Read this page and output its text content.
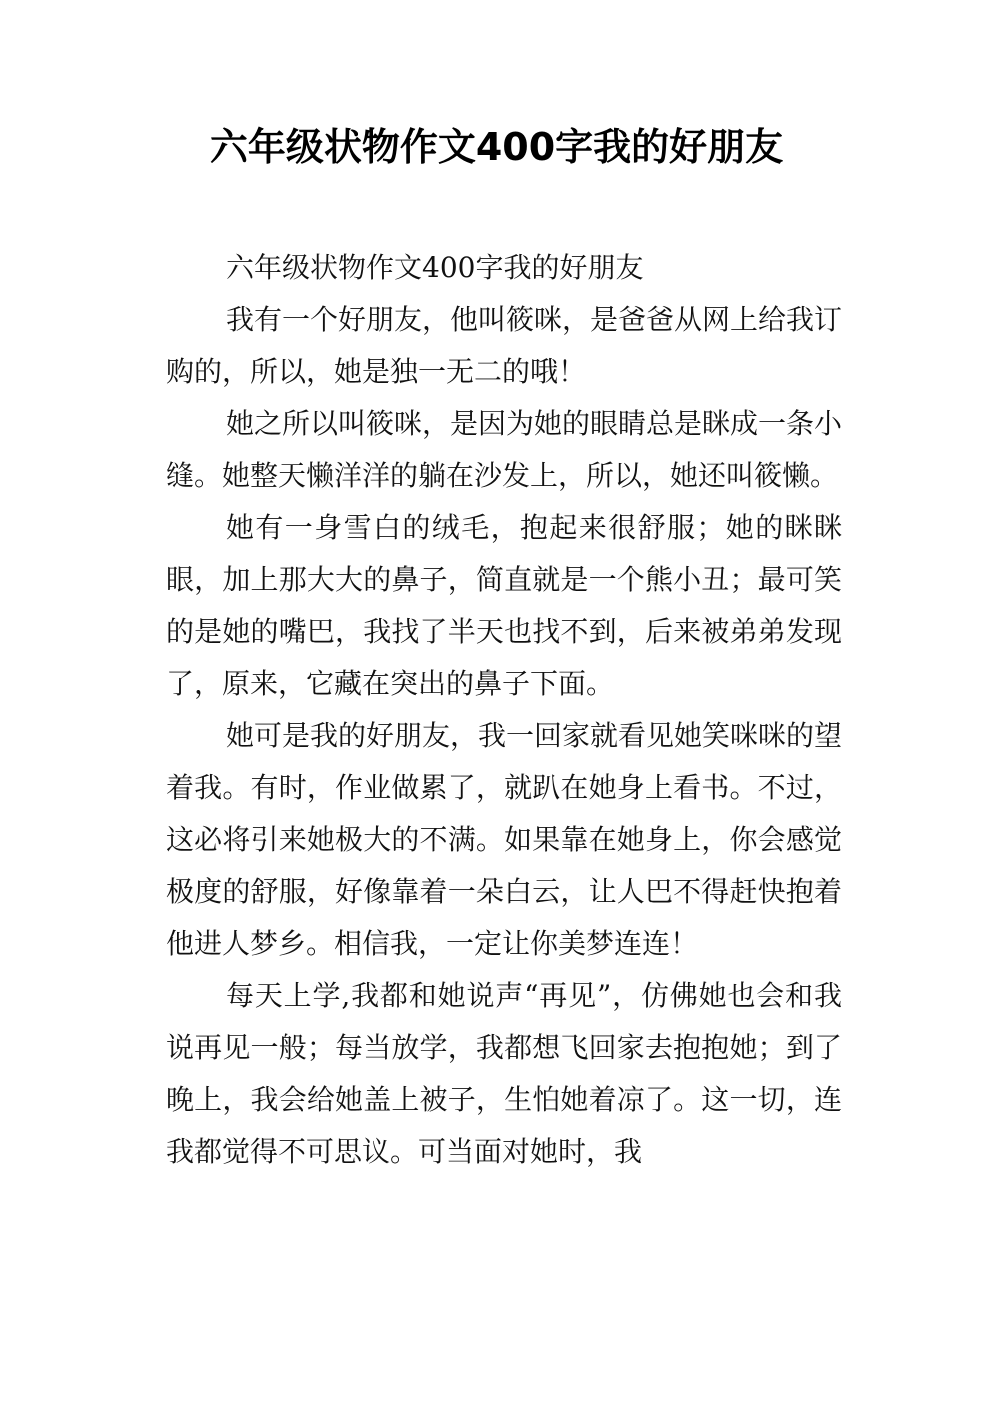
六年级状物作文400字我的好朋友

六年级状物作文400字我的好朋友

我有一个好朋友，他叫筱咪，是爸爸从网上给我订购的，所以，她是独一无二的哦！

她之所以叫筱咪，是因为她的眼睛总是眯成一条小缝。她整天懒洋洋的躺在沙发上，所以，她还叫筱懒。

她有一身雪白的绒毛，抱起来很舒服；她的眯眯眼，加上那大大的鼻子，简直就是一个熊小丑；最可笑的是她的嘴巴，我找了半天也找不到，后来被弟弟发现了，原来，它藏在突出的鼻子下面。

她可是我的好朋友，我一回家就看见她笑咪咪的望着我。有时，作业做累了，就趴在她身上看书。不过，这必将引来她极大的不满。如果靠在她身上，你会感觉极度的舒服，好像靠着一朵白云，让人巴不得赶快抱着他进人梦乡。相信我，一定让你美梦连连！

每天上学,我都和她说声“再见”，仿佛她也会和我说再见一般；每当放学，我都想飞回家去抱抱她；到了晚上，我会给她盖上被子，生怕她着凉了。这一切，连我都觉得不可思议。可当面对她时，我
